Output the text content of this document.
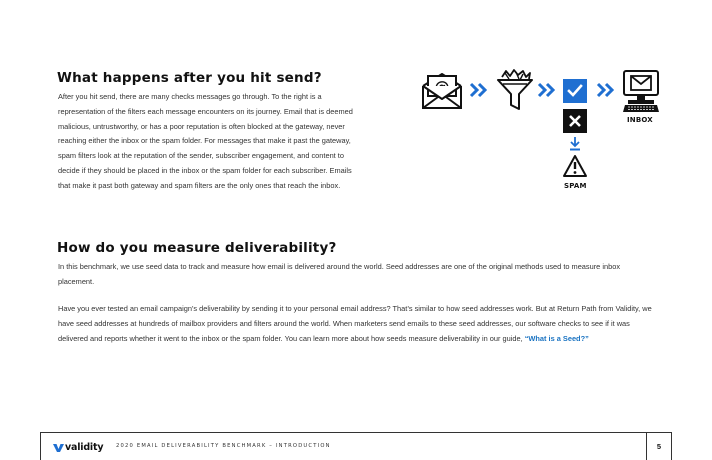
What happens after you hit send?

After you hit send, there are many checks messages go through. To the right is a representation of the filters each message encounters on its journey. Email that is deemed malicious, untrustworthy, or has a poor reputation is often blocked at the gateway, never reaching either the inbox or the spam folder. For messages that make it past the gateway, spam filters look at the reputation of the sender, subscriber engagement, and content to decide if they should be placed in the inbox or the spam folder for each subscriber. Emails that make it past both gateway and spam filters are the only ones that reach the inbox.

INBOX
SPAM
How do you measure deliverability?

In this benchmark, we use seed data to track and measure how email is delivered around the world. Seed addresses are one of the original methods used to measure inbox placement.

Have you ever tested an email campaign’s deliverability by sending it to your personal email address? That’s similar to how seed addresses work. But at Return Path from Validity, we have seed addresses at hundreds of mailbox providers and filters around the world. When marketers send emails to these seed addresses, our software checks to see if it was delivered and reports whether it went to the inbox or the spam folder. You can learn more about how seeds measure deliverability in our guide, “What is a Seed?”

validity 2020 EMAIL DELIVERABILITY BENCHMARK – INTRODUCTION	5
